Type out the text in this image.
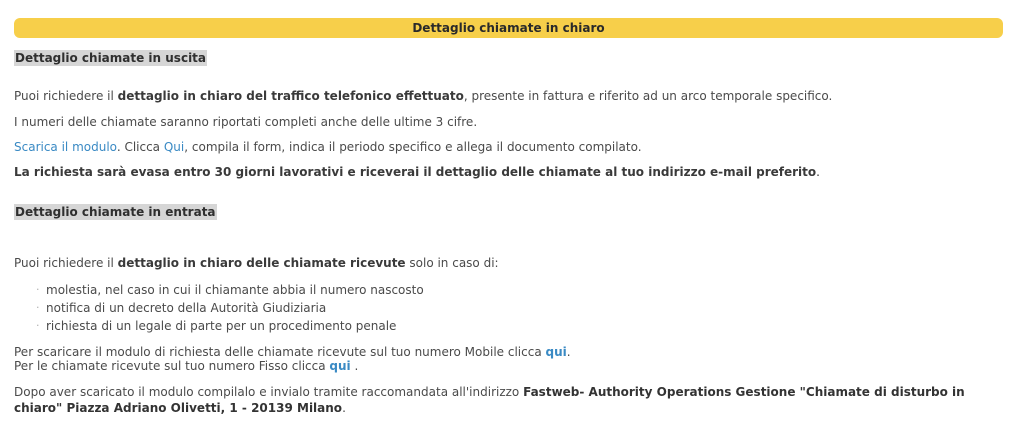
Dettaglio chiamate in chiaro
Dettaglio chiamate in uscita
Puoi richiedere il dettaglio in chiaro del traffico telefonico effettuato, presente in fattura e riferito ad un arco temporale specifico.
I numeri delle chiamate saranno riportati completi anche delle ultime 3 cifre.
Scarica il modulo. Clicca Qui, compila il form, indica il periodo specifico e allega il documento compilato.
La richiesta sarà evasa entro 30 giorni lavorativi e riceverai il dettaglio delle chiamate al tuo indirizzo e-mail preferito.
Dettaglio chiamate in entrata
Puoi richiedere il dettaglio in chiaro delle chiamate ricevute solo in caso di:
· molestia, nel caso in cui il chiamante abbia il numero nascosto
· notifica di un decreto della Autorità Giudiziaria
· richiesta di un legale di parte per un procedimento penale
Per scaricare il modulo di richiesta delle chiamate ricevute sul tuo numero Mobile clicca qui.
Per le chiamate ricevute sul tuo numero Fisso clicca qui .
Dopo aver scaricato il modulo compilalo e invialo tramite raccomandata all'indirizzo Fastweb- Authority Operations Gestione "Chiamate di disturbo in chiaro" Piazza Adriano Olivetti, 1 - 20139 Milano.
